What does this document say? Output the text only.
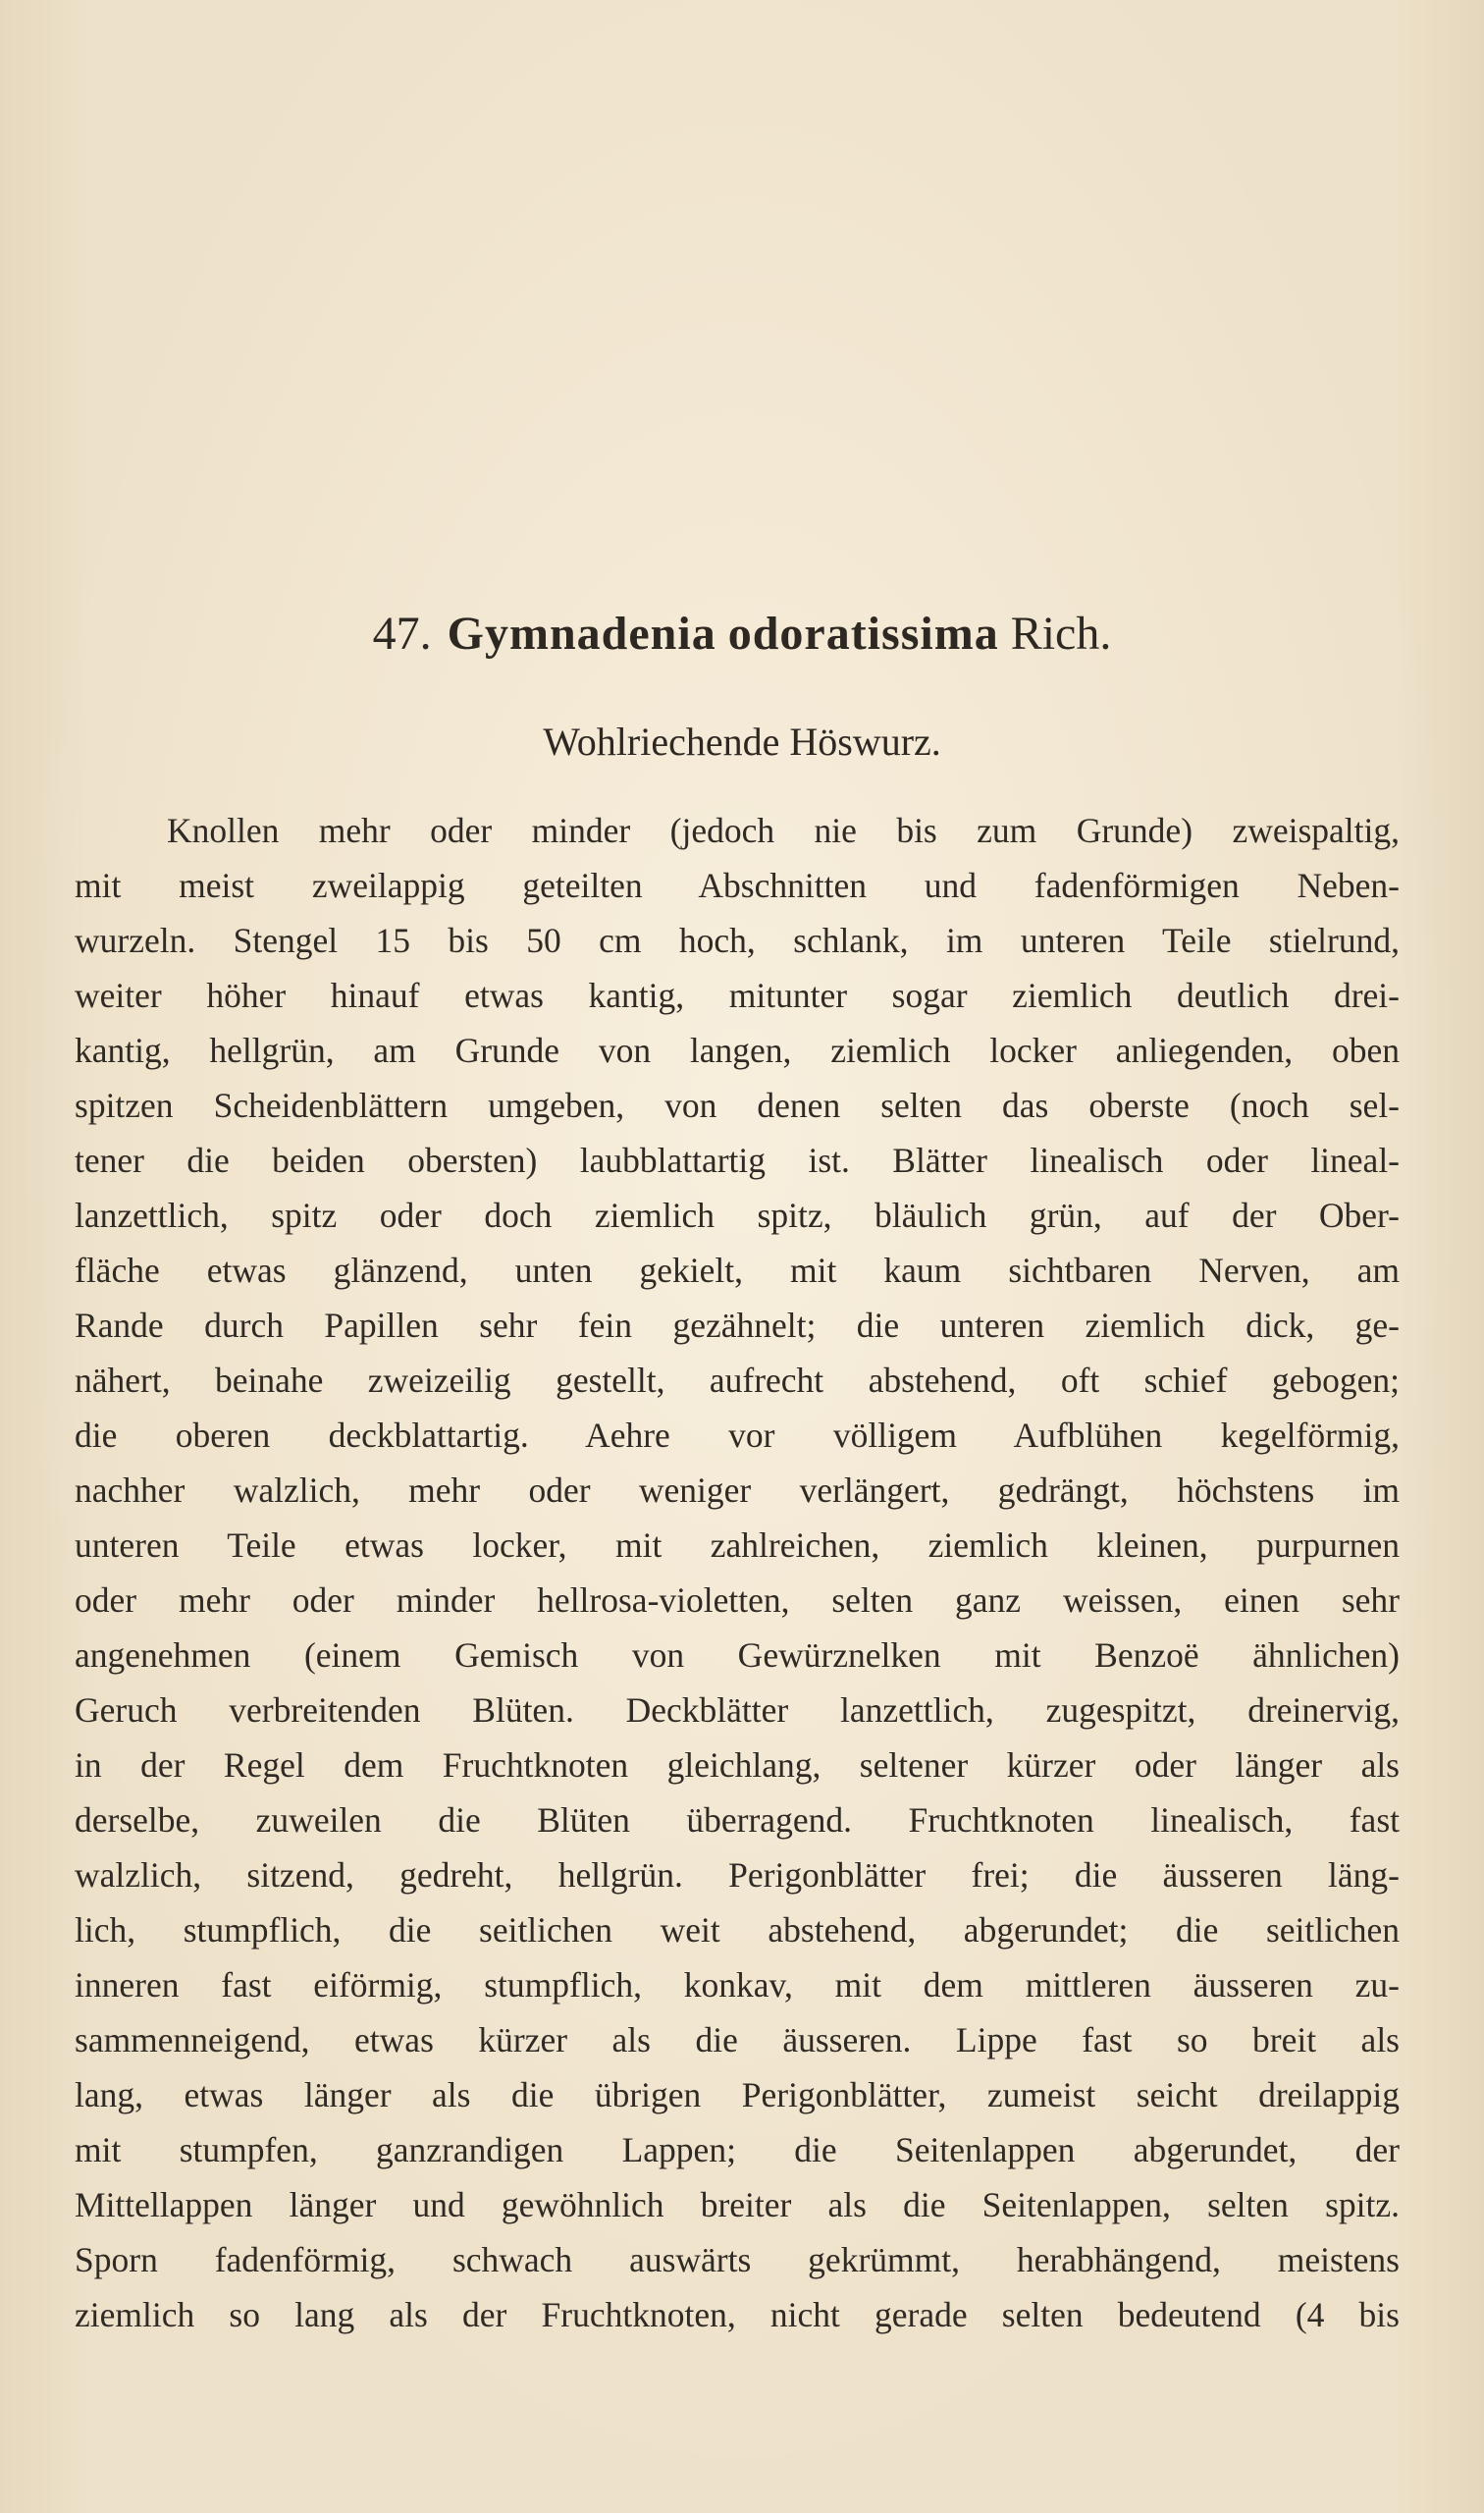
47. Gymnadenia odoratissima Rich.
Wohlriechende Höswurz.
Knollen mehr oder minder (jedoch nie bis zum Grunde) zweispaltig,
mit meist zweilappig geteilten Abschnitten und fadenförmigen Neben-
wurzeln. Stengel 15 bis 50 cm hoch, schlank, im unteren Teile stielrund,
weiter höher hinauf etwas kantig, mitunter sogar ziemlich deutlich drei-
kantig, hellgrün, am Grunde von langen, ziemlich locker anliegenden, oben
spitzen Scheidenblättern umgeben, von denen selten das oberste (noch sel-
tener die beiden obersten) laubblattartig ist. Blätter linealisch oder lineal-
lanzettlich, spitz oder doch ziemlich spitz, bläulich grün, auf der Ober-
fläche etwas glänzend, unten gekielt, mit kaum sichtbaren Nerven, am
Rande durch Papillen sehr fein gezähnelt; die unteren ziemlich dick, ge-
nähert, beinahe zweizeilig gestellt, aufrecht abstehend, oft schief gebogen;
die oberen deckblattartig. Aehre vor völligem Aufblühen kegelförmig,
nachher walzlich, mehr oder weniger verlängert, gedrängt, höchstens im
unteren Teile etwas locker, mit zahlreichen, ziemlich kleinen, purpurnen
oder mehr oder minder hellrosa-violetten, selten ganz weissen, einen sehr
angenehmen (einem Gemisch von Gewürznelken mit Benzoë ähnlichen)
Geruch verbreitenden Blüten. Deckblätter lanzettlich, zugespitzt, dreinervig,
in der Regel dem Fruchtknoten gleichlang, seltener kürzer oder länger als
derselbe, zuweilen die Blüten überragend. Fruchtknoten linealisch, fast
walzlich, sitzend, gedreht, hellgrün. Perigonblätter frei; die äusseren läng-
lich, stumpflich, die seitlichen weit abstehend, abgerundet; die seitlichen
inneren fast eiförmig, stumpflich, konkav, mit dem mittleren äusseren zu-
sammenneigend, etwas kürzer als die äusseren. Lippe fast so breit als
lang, etwas länger als die übrigen Perigonblätter, zumeist seicht dreilappig
mit stumpfen, ganzrandigen Lappen; die Seitenlappen abgerundet, der
Mittellappen länger und gewöhnlich breiter als die Seitenlappen, selten spitz.
Sporn fadenförmig, schwach auswärts gekrümmt, herabhängend, meistens
ziemlich so lang als der Fruchtknoten, nicht gerade selten bedeutend (4 bis
